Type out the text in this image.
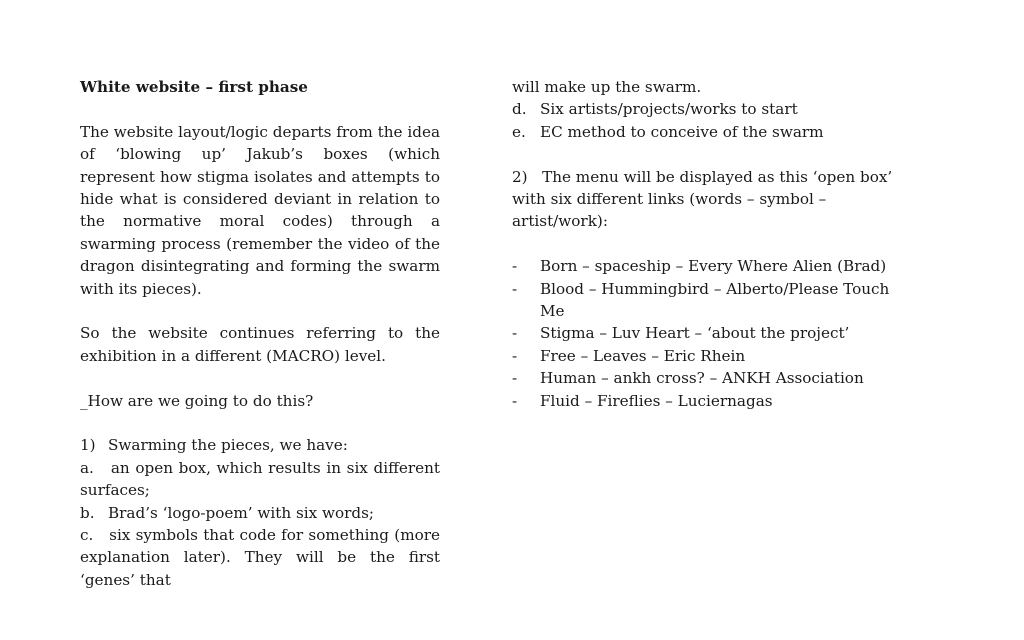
White website – first phase

The website layout/logic departs from the idea of ‘blowing up’ Jakub’s boxes (which represent how stigma isolates and attempts to hide what is considered deviant in relation to the normative moral codes) through a swarming process (remember the video of the dragon disintegrating and forming the swarm with its pieces).

So the website continues referring to the exhibition in a different (MACRO) level.

_How are we going to do this?

1) Swarming the pieces, we have:

a. an open box, which results in six different surfaces;

b. Brad’s ‘logo-poem’ with six words;

c. six symbols that code for something (more explanation later). They will be the first ‘genes’ that

will make up the swarm.

d. Six artists/projects/works to start
e. EC method to conceive of the swarm

2) The menu will be displayed as this ‘open box’ with six different links (words – symbol – artist/work):

-	Born – spaceship – Every Where Alien (Brad)
-	Blood – Hummingbird – Alberto/Please Touch Me
-	Stigma – Luv Heart – ‘about the project’
-	Free – Leaves – Eric Rhein
-	Human – ankh cross? – ANKH Association
-	Fluid – Fireflies – Luciernagas
